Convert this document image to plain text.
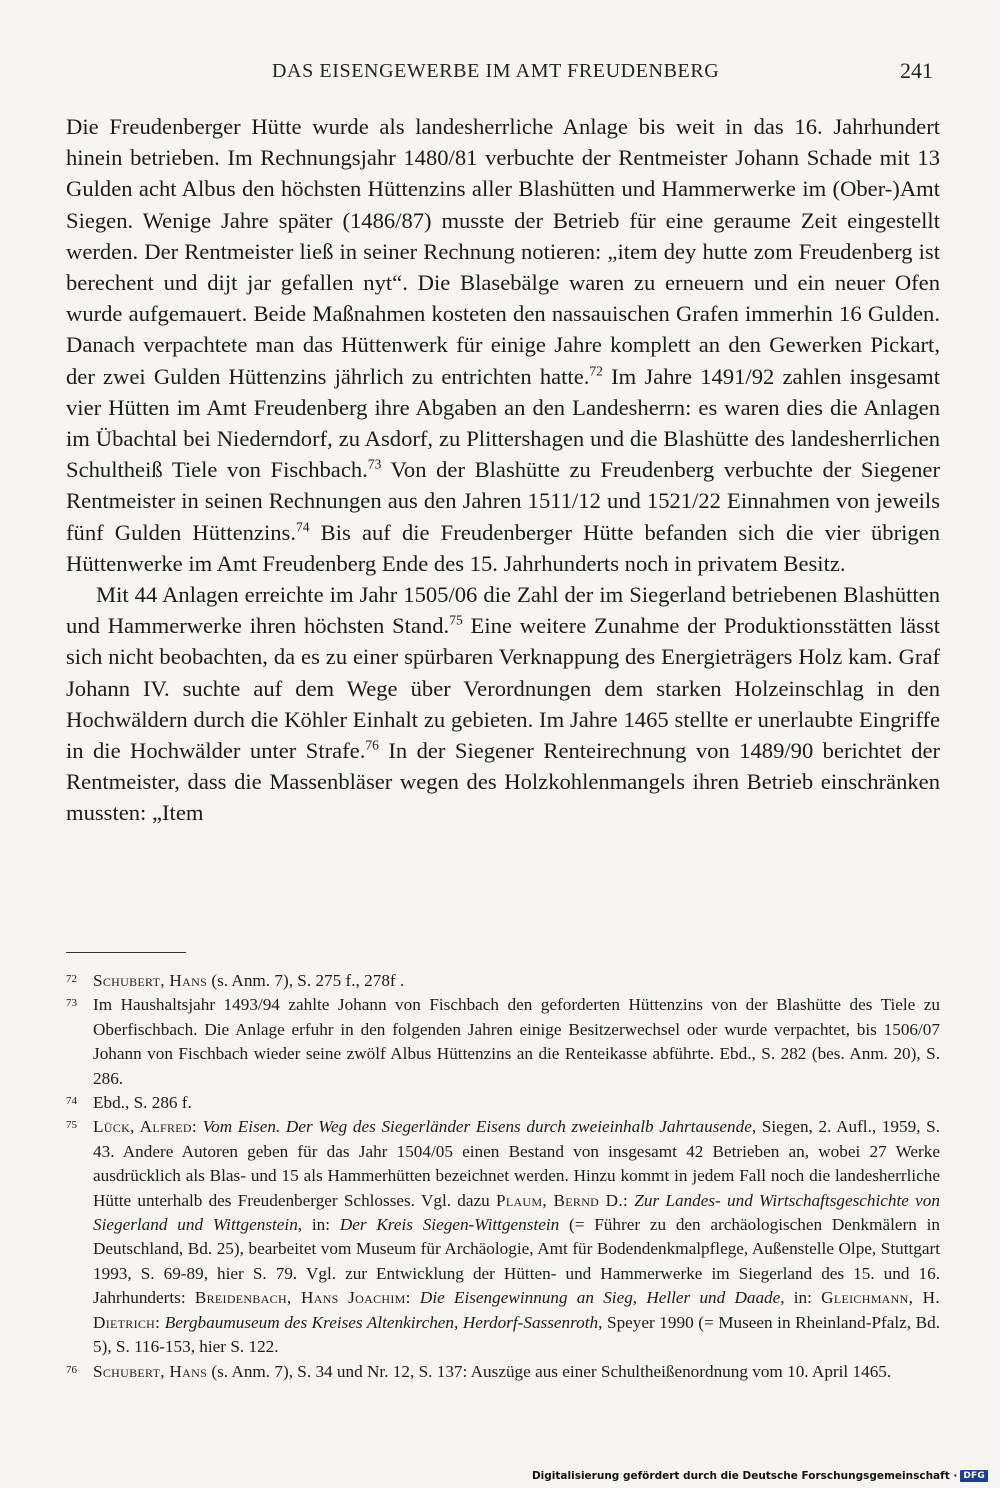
DAS EISENGEWERBE IM AMT FREUDENBERG	241

Die Freudenberger Hütte wurde als landesherrliche Anlage bis weit in das 16. Jahrhundert hinein betrieben. Im Rechnungsjahr 1480/81 verbuchte der Rentmeister Johann Schade mit 13 Gulden acht Albus den höchsten Hüttenzins aller Blashütten und Hammerwerke im (Ober-)Amt Siegen. Wenige Jahre später (1486/87) musste der Betrieb für eine geraume Zeit eingestellt werden. Der Rentmeister ließ in seiner Rechnung notieren: „item dey hutte zom Freudenberg ist berechent und dijt jar gefallen nyt“. Die Blasebälge waren zu erneuern und ein neuer Ofen wurde aufgemauert. Beide Maßnahmen kosteten den nassauischen Grafen immerhin 16 Gulden. Danach verpachtete man das Hüttenwerk für einige Jahre komplett an den Gewerken Pickart, der zwei Gulden Hüttenzins jährlich zu entrichten hatte.$^{72}$ Im Jahre 1491/92 zahlen insgesamt vier Hütten im Amt Freudenberg ihre Abgaben an den Landesherrn: es waren dies die Anlagen im Übachtal bei Niederndorf, zu Asdorf, zu Plittershagen und die Blashütte des landesherrlichen Schultheiß Tiele von Fischbach.$^{73}$ Von der Blashütte zu Freudenberg verbuchte der Siegener Rentmeister in seinen Rechnungen aus den Jahren 1511/12 und 1521/22 Einnahmen von jeweils fünf Gulden Hüttenzins.$^{74}$ Bis auf die Freudenberger Hütte befanden sich die vier übrigen Hüttenwerke im Amt Freudenberg Ende des 15. Jahrhunderts noch in privatem Besitz.

Mit 44 Anlagen erreichte im Jahr 1505/06 die Zahl der im Siegerland betriebenen Blashütten und Hammerwerke ihren höchsten Stand.$^{75}$ Eine weitere Zunahme der Produktionsstätten lässt sich nicht beobachten, da es zu einer spürbaren Verknappung des Energieträgers Holz kam. Graf Johann IV. suchte auf dem Wege über Verordnungen dem starken Holzeinschlag in den Hochwäldern durch die Köhler Einhalt zu gebieten. Im Jahre 1465 stellte er unerlaubte Eingriffe in die Hochwälder unter Strafe.$^{76}$ In der Siegener Renteirechnung von 1489/90 berichtet der Rentmeister, dass die Massenbläser wegen des Holzkohlenmangels ihren Betrieb einschränken mussten: „Item

72 Schubert, Hans (s. Anm. 7), S. 275 f., 278f .
73 Im Haushaltsjahr 1493/94 zahlte Johann von Fischbach den geforderten Hüttenzins von der Blashütte des Tiele zu Oberfischbach. Die Anlage erfuhr in den folgenden Jahren einige Besitzerwechsel oder wurde verpachtet, bis 1506/07 Johann von Fischbach wieder seine zwölf Albus Hüttenzins an die Renteikasse abführte. Ebd., S. 282 (bes. Anm. 20), S. 286.
74 Ebd., S. 286 f.
75 Lück, Alfred: Vom Eisen. Der Weg des Siegerländer Eisens durch zweieinhalb Jahrtausende, Siegen, 2. Aufl., 1959, S. 43. Andere Autoren geben für das Jahr 1504/05 einen Bestand von insgesamt 42 Betrieben an, wobei 27 Werke ausdrücklich als Blas- und 15 als Hammerhütten bezeichnet werden. Hinzu kommt in jedem Fall noch die landesherrliche Hütte unterhalb des Freudenberger Schlosses. Vgl. dazu Plaum, Bernd D.: Zur Landes- und Wirtschaftsgeschichte von Siegerland und Wittgenstein, in: Der Kreis Siegen-Wittgenstein (= Führer zu den archäologischen Denkmälern in Deutschland, Bd. 25), bearbeitet vom Museum für Archäologie, Amt für Bodendenkmalpflege, Außenstelle Olpe, Stuttgart 1993, S. 69-89, hier S. 79. Vgl. zur Entwicklung der Hütten- und Hammerwerke im Siegerland des 15. und 16. Jahrhunderts: Breidenbach, Hans Joachim: Die Eisengewinnung an Sieg, Heller und Daade, in: Gleichmann, H. Dietrich: Bergbaumuseum des Kreises Altenkirchen, Herdorf-Sassenroth, Speyer 1990 (= Museen in Rheinland-Pfalz, Bd. 5), S. 116-153, hier S. 122.
76 Schubert, Hans (s. Anm. 7), S. 34 und Nr. 12, S. 137: Auszüge aus einer Schultheißenordnung vom 10. April 1465.
Digitalisierung gefördert durch die Deutsche Forschungsgemeinschaft · DFG
